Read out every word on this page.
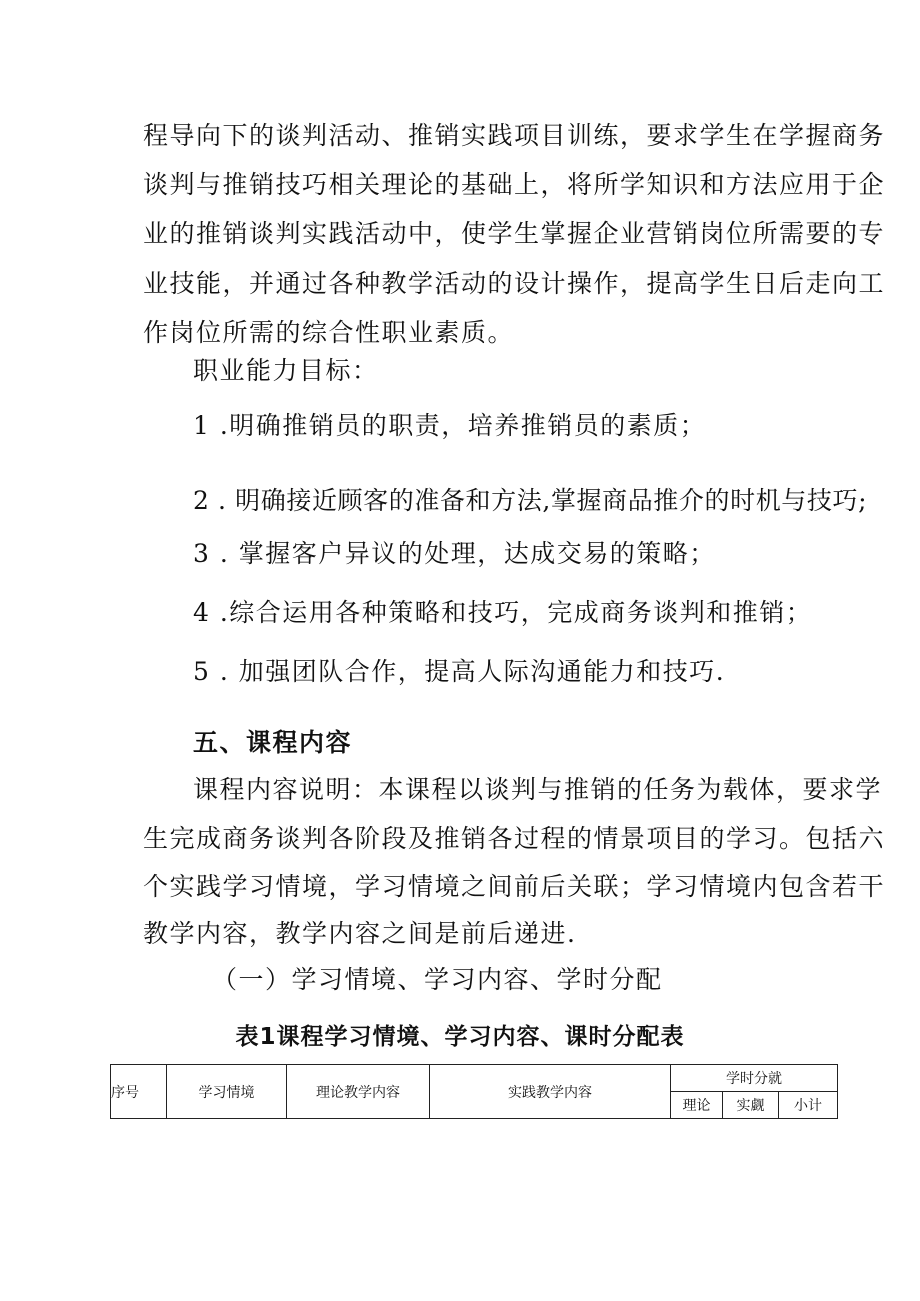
程导向下的谈判活动、推销实践项目训练，要求学生在学握商务
谈判与推销技巧相关理论的基础上，将所学知识和方法应用于企
业的推销谈判实践活动中，使学生掌握企业营销岗位所需要的专
业技能，并通过各种教学活动的设计操作，提高学生日后走向工
作岗位所需的综合性职业素质。
职业能力目标：
1 .明确推销员的职责，培养推销员的素质；
2 . 明确接近顾客的准备和方法,掌握商品推介的时机与技巧;
3 . 掌握客户异议的处理，达成交易的策略；
4 .综合运用各种策略和技巧，完成商务谈判和推销；
5 . 加强团队合作，提高人际沟通能力和技巧.
五、课程内容
课程内容说明：本课程以谈判与推销的任务为载体，要求学
生完成商务谈判各阶段及推销各过程的情景项目的学习。包括六
个实践学习情境，学习情境之间前后关联；学习情境内包含若干
教学内容，教学内容之间是前后递进.
（一）学习情境、学习内容、学时分配
表1课程学习情境、学习内容、课时分配表
序号	学习情境	理论教学内容	实践教学内容	学时分就		
				理论	实觑	小计
